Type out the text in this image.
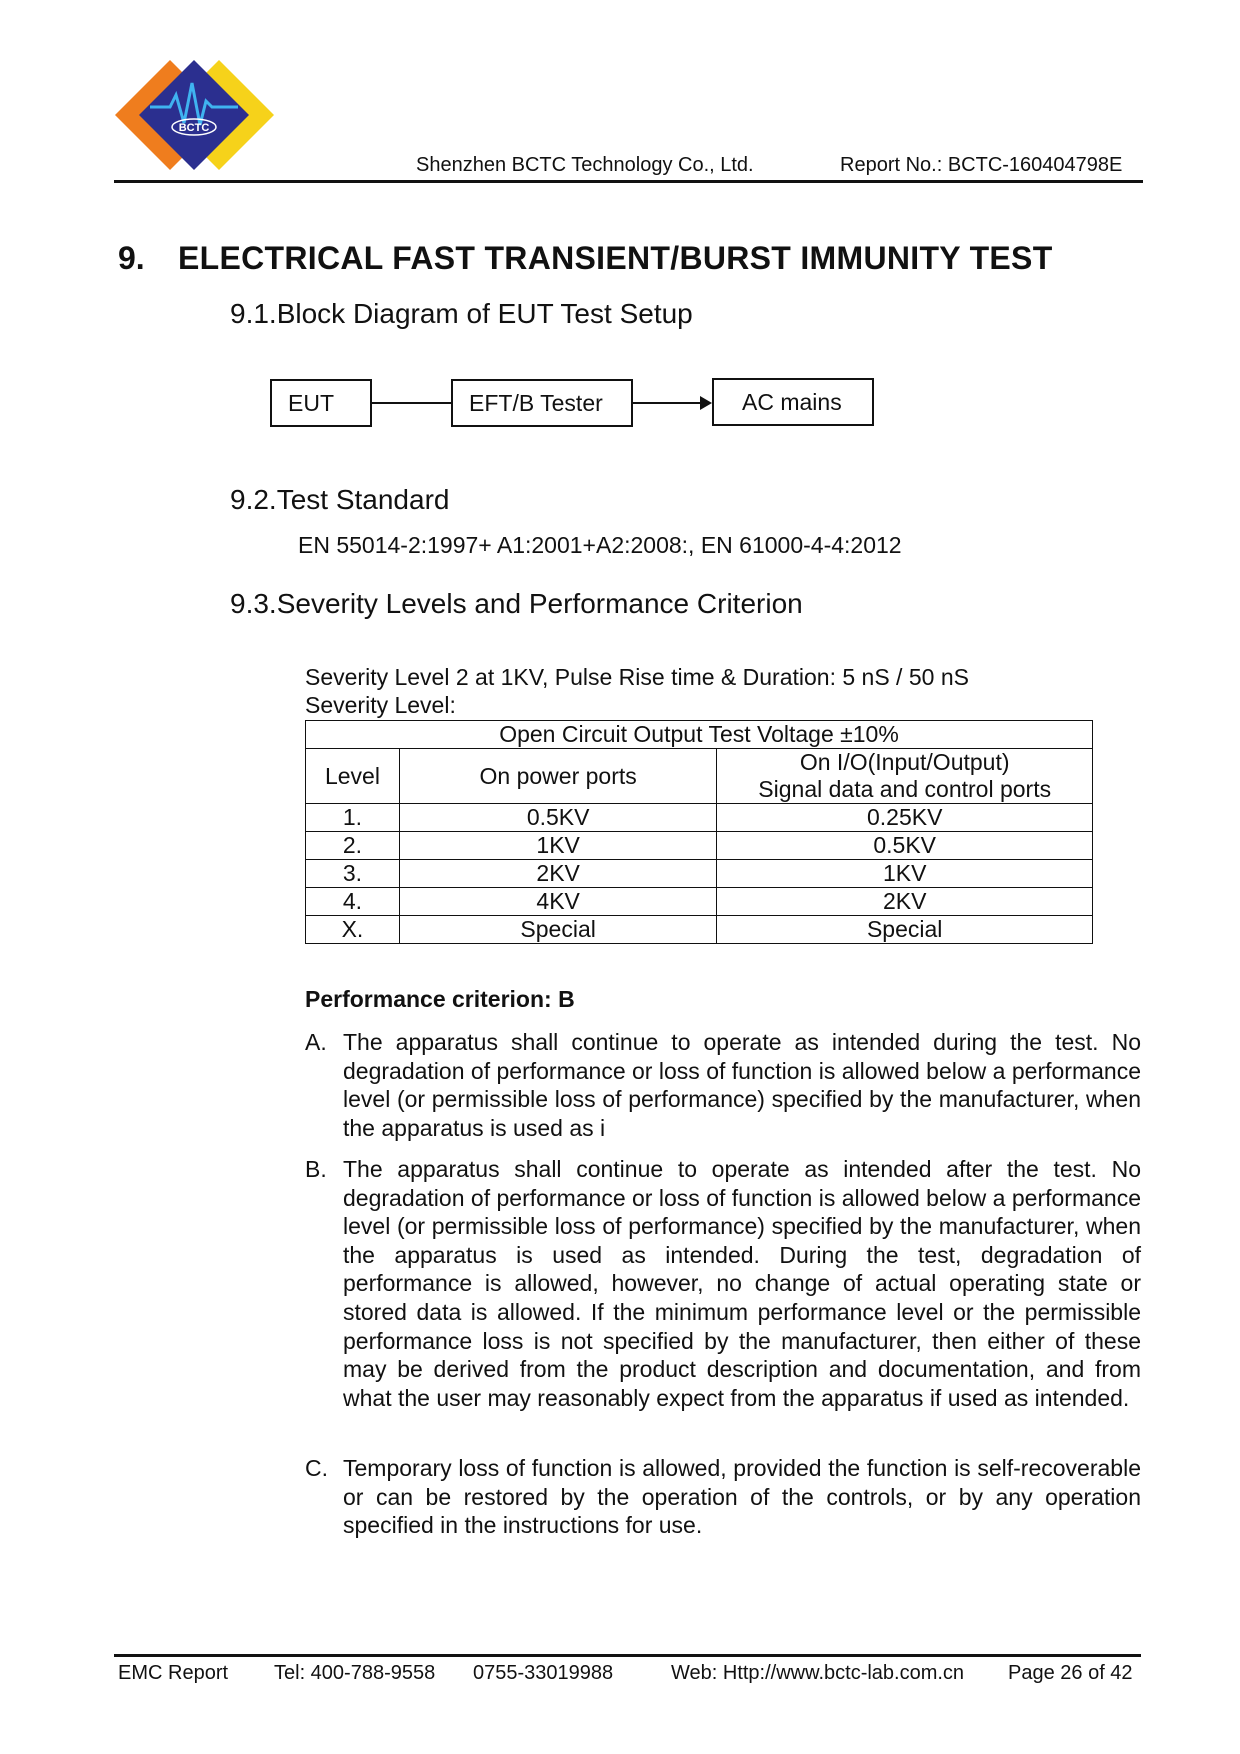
BCTC
Shenzhen BCTC Technology Co., Ltd.	Report No.: BCTC-160404798E
9. ELECTRICAL FAST TRANSIENT/BURST IMMUNITY TEST
9.1.Block Diagram of EUT Test Setup
EUT	EFT/B Tester	AC mains
9.2.Test Standard
EN 55014-2:1997+ A1:2001+A2:2008:, EN 61000-4-4:2012
9.3.Severity Levels and Performance Criterion
Severity Level 2 at 1KV, Pulse Rise time & Duration: 5 nS / 50 nS
Severity Level:
Open Circuit Output Test Voltage ±10%		
Level	On power ports	On I/O(Input/Output)
Signal data and control ports

1.	0.5KV	0.25KV
2.	1KV	0.5KV
3.	2KV	1KV
4.	4KV	2KV
X.	Special	Special
Performance criterion: B
A. The apparatus shall continue to operate as intended during the test. No degradation of performance or loss of function is allowed below a performance level (or permissible loss of performance) specified by the manufacturer, when the apparatus is used as i
B. The apparatus shall continue to operate as intended after the test. No degradation of performance or loss of function is allowed below a performance level (or permissible loss of performance) specified by the manufacturer, when the apparatus is used as intended. During the test, degradation of performance is allowed, however, no change of actual operating state or stored data is allowed. If the minimum performance level or the permissible performance loss is not specified by the manufacturer, then either of these may be derived from the product description and documentation, and from what the user may reasonably expect from the apparatus if used as intended.
C. Temporary loss of function is allowed, provided the function is self-recoverable or can be restored by the operation of the controls, or by any operation specified in the instructions for use.
EMC Report Tel: 400-788-9558 0755-33019988	Web: Http://www.bctc-lab.com.cn Page 26 of 42
